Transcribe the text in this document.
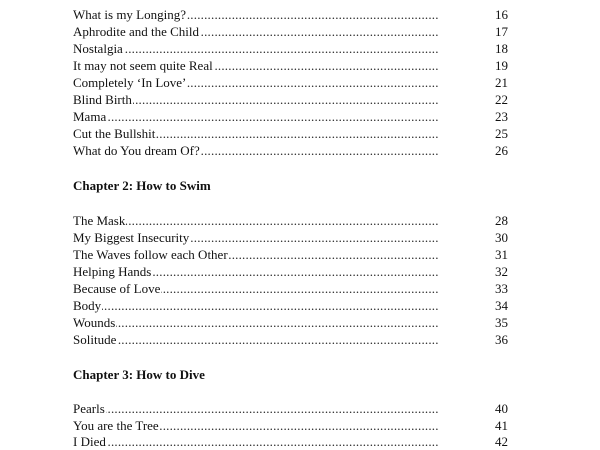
.....
What is my Longing?	16
.....
Aphrodite and the Child	17
.....
Nostalgia	18
.....
It may not seem quite Real	19
.....
Completely ‘In Love’	21
.....
Blind Birth	22
.....
Mama	23
.....
Cut the Bullshit	25
.....
What do You dream Of?	26
Chapter 2: How to Swim
.....
The Mask	28
.....
My Biggest Insecurity	30
.....
The Waves follow each Other	31
.....
Helping Hands	32
.....
Because of Love	33
.....
Body	34
.....
Wounds	35
.....
Solitude	36
Chapter 3: How to Dive
.....
Pearls	40
.....
You are the Tree	41
.....
I Died	42
